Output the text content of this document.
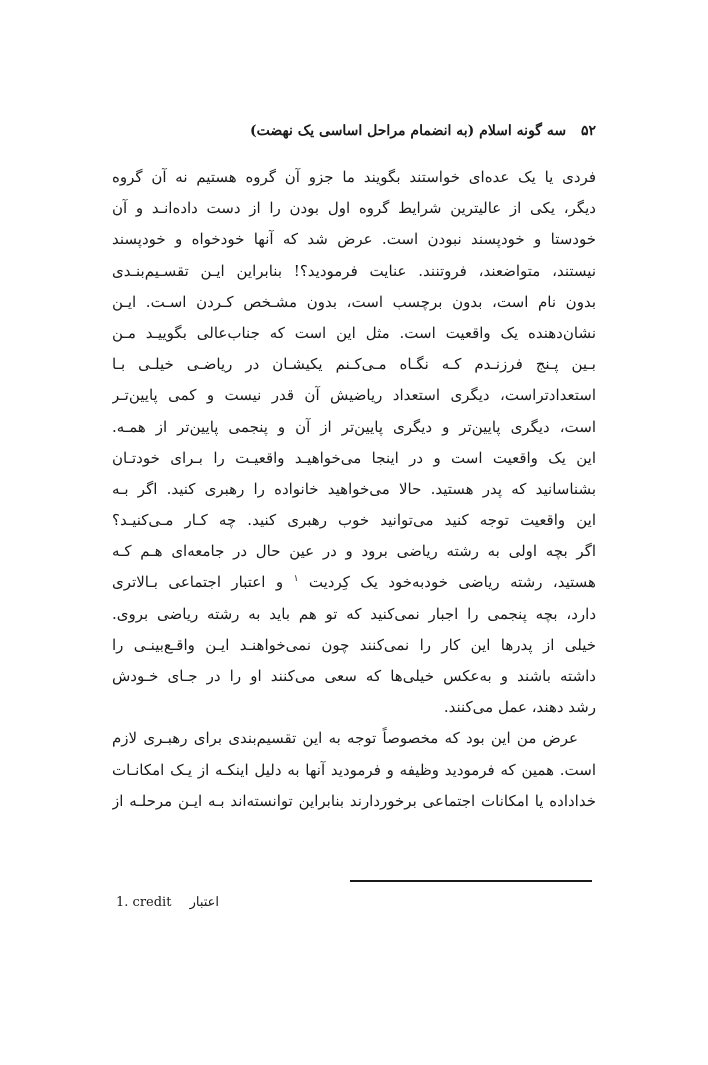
۵۲ سه گونه اسلام (به انضمام مراحل اساسی یک نهضت)
فردی یا یک عده‌ای خواستند بگویند ما جزو آن گروه هستیم نه آن گروه
دیگر، یکی از عالیترین شرایط گروه اول بودن را از دست داده‌انـد و آن
خودستا و خودپسند نبودن است. عرض شد که آنها خودخواه و خودپسند
نیستند، متواضعند، فروتنند. عنایت فرمودید؟! بنابراین ایـن تقسـیم‌بنـدی
بدون نام است، بدون برچسب است، بدون مشـخص کـردن اسـت. ایـن
نشان‌دهنده یک واقعیت است. مثل این است که جناب‌عالی بگوییـد مـن
بـین پـنج فرزنـدم کـه نگـاه مـی‌کـنم یکیشـان در ریاضـی خیلـی بـا
استعدادتراست، دیگری استعداد ریاضیش آن قدر نیست و کمی پایین‌تـر
است، دیگری پایین‌تر و دیگری پایین‌تر از آن و پنجمی پایین‌تر از همـه.
این یک واقعیت است و در اینجا می‌خواهیـد واقعیـت را بـرای خودتـان
بشناسانید که پدر هستید. حالا می‌خواهید خانواده را رهبری کنید. اگر بـه
این واقعیت توجه کنید می‌توانید خوب رهبری کنید. چه کـار مـی‌کنیـد؟
اگر بچه اولی به رشته ریاضی برود و در عین حال در جامعه‌ای هـم کـه
هستید، رشته ریاضی خودبه‌خود یک کِردیت $^۱$ و اعتبار اجتماعی بـالاتری
دارد، بچه پنجمی را اجبار نمی‌کنید که تو هم باید به رشته ریاضی بروی.
خیلی از پدرها این کار را نمی‌کنند چون نمی‌خواهنـد ایـن واقـع‌بینـی را
داشته باشند و به‌عکس خیلی‌ها که سعی می‌کنند او را در جـای خـودش
رشد دهند، عمل می‌کنند.
عرض من این بود که مخصوصاً توجه به این تقسیم‌بندی برای رهبـری لازم
است. همین که فرمودید وظیفه و فرمودید آنها به دلیل اینکـه از یـک امکانـات
خداداده یا امکانات اجتماعی برخوردارند بنابراین توانسته‌اند بـه ایـن مرحلـه از
1. credit اعتبار
